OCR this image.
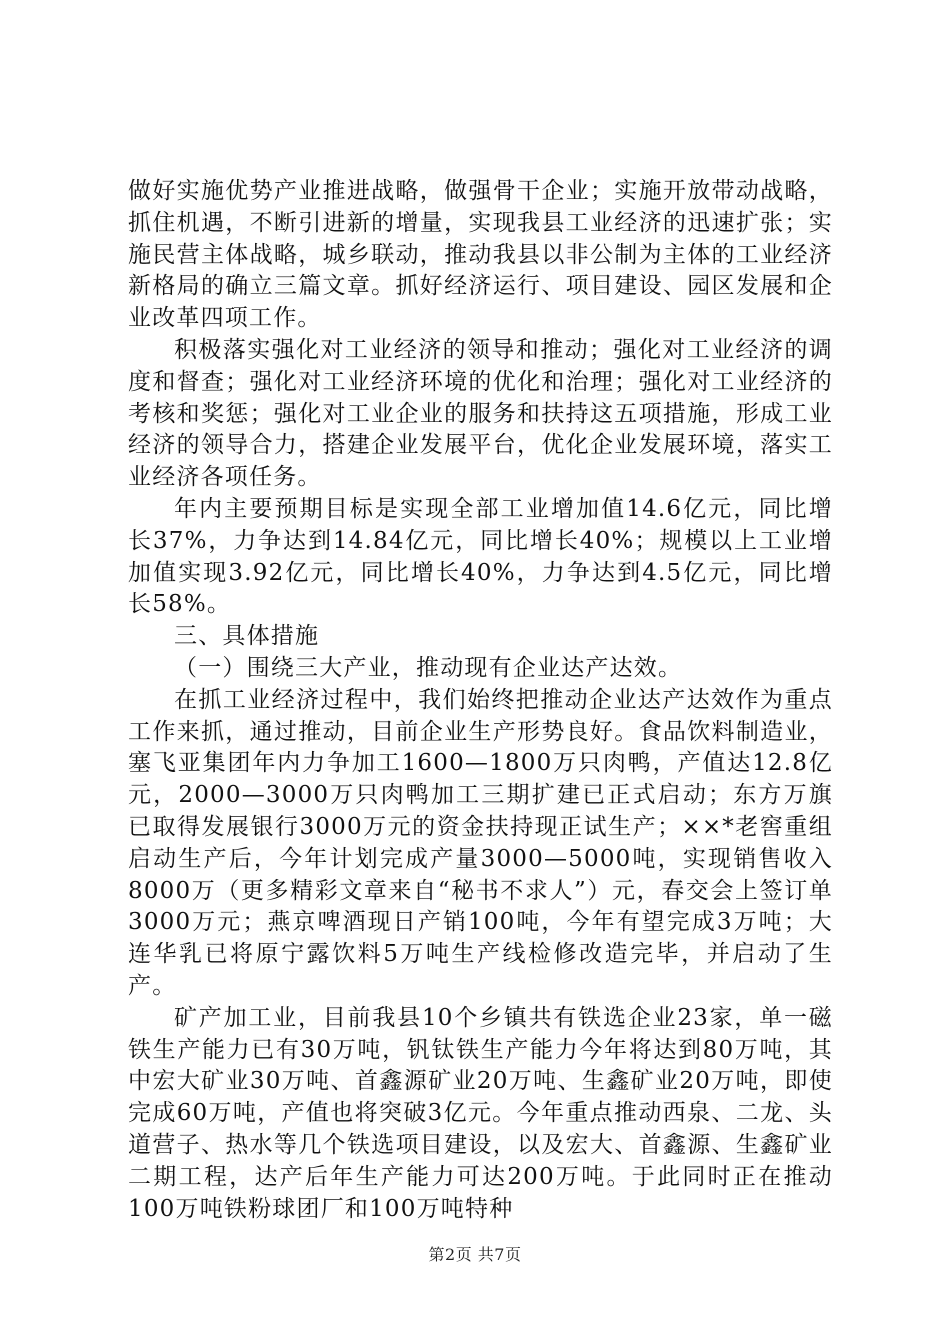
做好实施优势产业推进战略，做强骨干企业；实施开放带动战略，抓住机遇，不断引进新的增量，实现我县工业经济的迅速扩张；实施民营主体战略，城乡联动，推动我县以非公制为主体的工业经济新格局的确立三篇文章。抓好经济运行、项目建设、园区发展和企业改革四项工作。

积极落实强化对工业经济的领导和推动；强化对工业经济的调度和督查；强化对工业经济环境的优化和治理；强化对工业经济的考核和奖惩；强化对工业企业的服务和扶持这五项措施，形成工业经济的领导合力，搭建企业发展平台，优化企业发展环境，落实工业经济各项任务。

年内主要预期目标是实现全部工业增加值14.6亿元，同比增长37%，力争达到14.84亿元，同比增长40%；规模以上工业增加值实现3.92亿元，同比增长40%，力争达到4.5亿元，同比增长58%。

三、具体措施

（一）围绕三大产业，推动现有企业达产达效。

在抓工业经济过程中，我们始终把推动企业达产达效作为重点工作来抓，通过推动，目前企业生产形势良好。食品饮料制造业，塞飞亚集团年内力争加工1600—1800万只肉鸭，产值达12.8亿元，2000—3000万只肉鸭加工三期扩建已正式启动；东方万旗已取得发展银行3000万元的资金扶持现正试生产；××*老窖重组启动生产后，今年计划完成产量3000—5000吨，实现销售收入8000万（更多精彩文章来自“秘书不求人”）元，春交会上签订单3000万元；燕京啤酒现日产销100吨，今年有望完成3万吨；大连华乳已将原宁露饮料5万吨生产线检修改造完毕，并启动了生产。

矿产加工业，目前我县10个乡镇共有铁选企业23家，单一磁铁生产能力已有30万吨，钒钛铁生产能力今年将达到80万吨，其中宏大矿业30万吨、首鑫源矿业20万吨、生鑫矿业20万吨，即使完成60万吨，产值也将突破3亿元。今年重点推动西泉、二龙、头道营子、热水等几个铁选项目建设，以及宏大、首鑫源、生鑫矿业二期工程，达产后年生产能力可达200万吨。于此同时正在推动100万吨铁粉球团厂和100万吨特种

第2页 共7页
